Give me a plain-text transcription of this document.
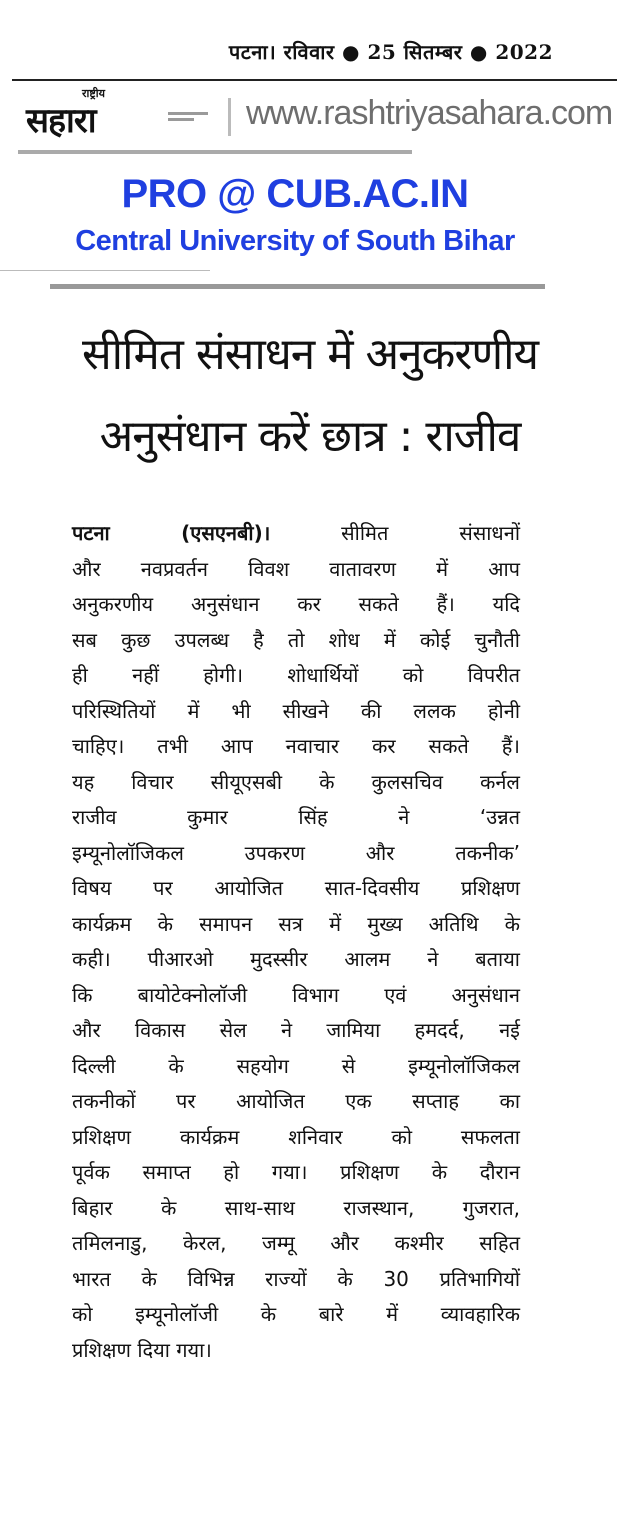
पटना। रविवार ● 25 सितम्बर ● 2022
राष्ट्रीय
सहारा	www.rashtriyasahara.com
PRO @ CUB.AC.IN
Central University of South Bihar
सीमित संसाधन में अनुकरणीय
अनुसंधान करें छात्र : राजीव
पटना (एसएनबी)।	सीमित संसाधनों
और नवप्रवर्तन विवश वातावरण में आप
अनुकरणीय अनुसंधान कर सकते हैं। यदि
सब कुछ उपलब्ध है तो शोध में कोई चुनौती
ही नहीं होगी। शोधार्थियों को विपरीत
परिस्थितियों में भी सीखने की ललक होनी
चाहिए। तभी आप नवाचार कर सकते हैं।
यह विचार सीयूएसबी के कुलसचिव कर्नल
राजीव कुमार सिंह ने ‘उन्नत
इम्यूनोलॉजिकल उपकरण और तकनीक’
विषय पर आयोजित सात-दिवसीय प्रशिक्षण
कार्यक्रम के समापन सत्र में मुख्य अतिथि के
कही। पीआरओ मुदस्सीर आलम ने बताया
कि बायोटेक्नोलॉजी विभाग एवं अनुसंधान
और विकास सेल ने जामिया हमदर्द, नई
दिल्ली के सहयोग से इम्यूनोलॉजिकल
तकनीकों पर आयोजित एक सप्ताह का
प्रशिक्षण कार्यक्रम शनिवार को सफलता
पूर्वक समाप्त हो गया। प्रशिक्षण के दौरान
बिहार के साथ-साथ राजस्थान, गुजरात,
तमिलनाडु, केरल, जम्मू और कश्मीर सहित
भारत के विभिन्न राज्यों के 30 प्रतिभागियों
को इम्यूनोलॉजी के बारे में व्यावहारिक
प्रशिक्षण दिया गया।
